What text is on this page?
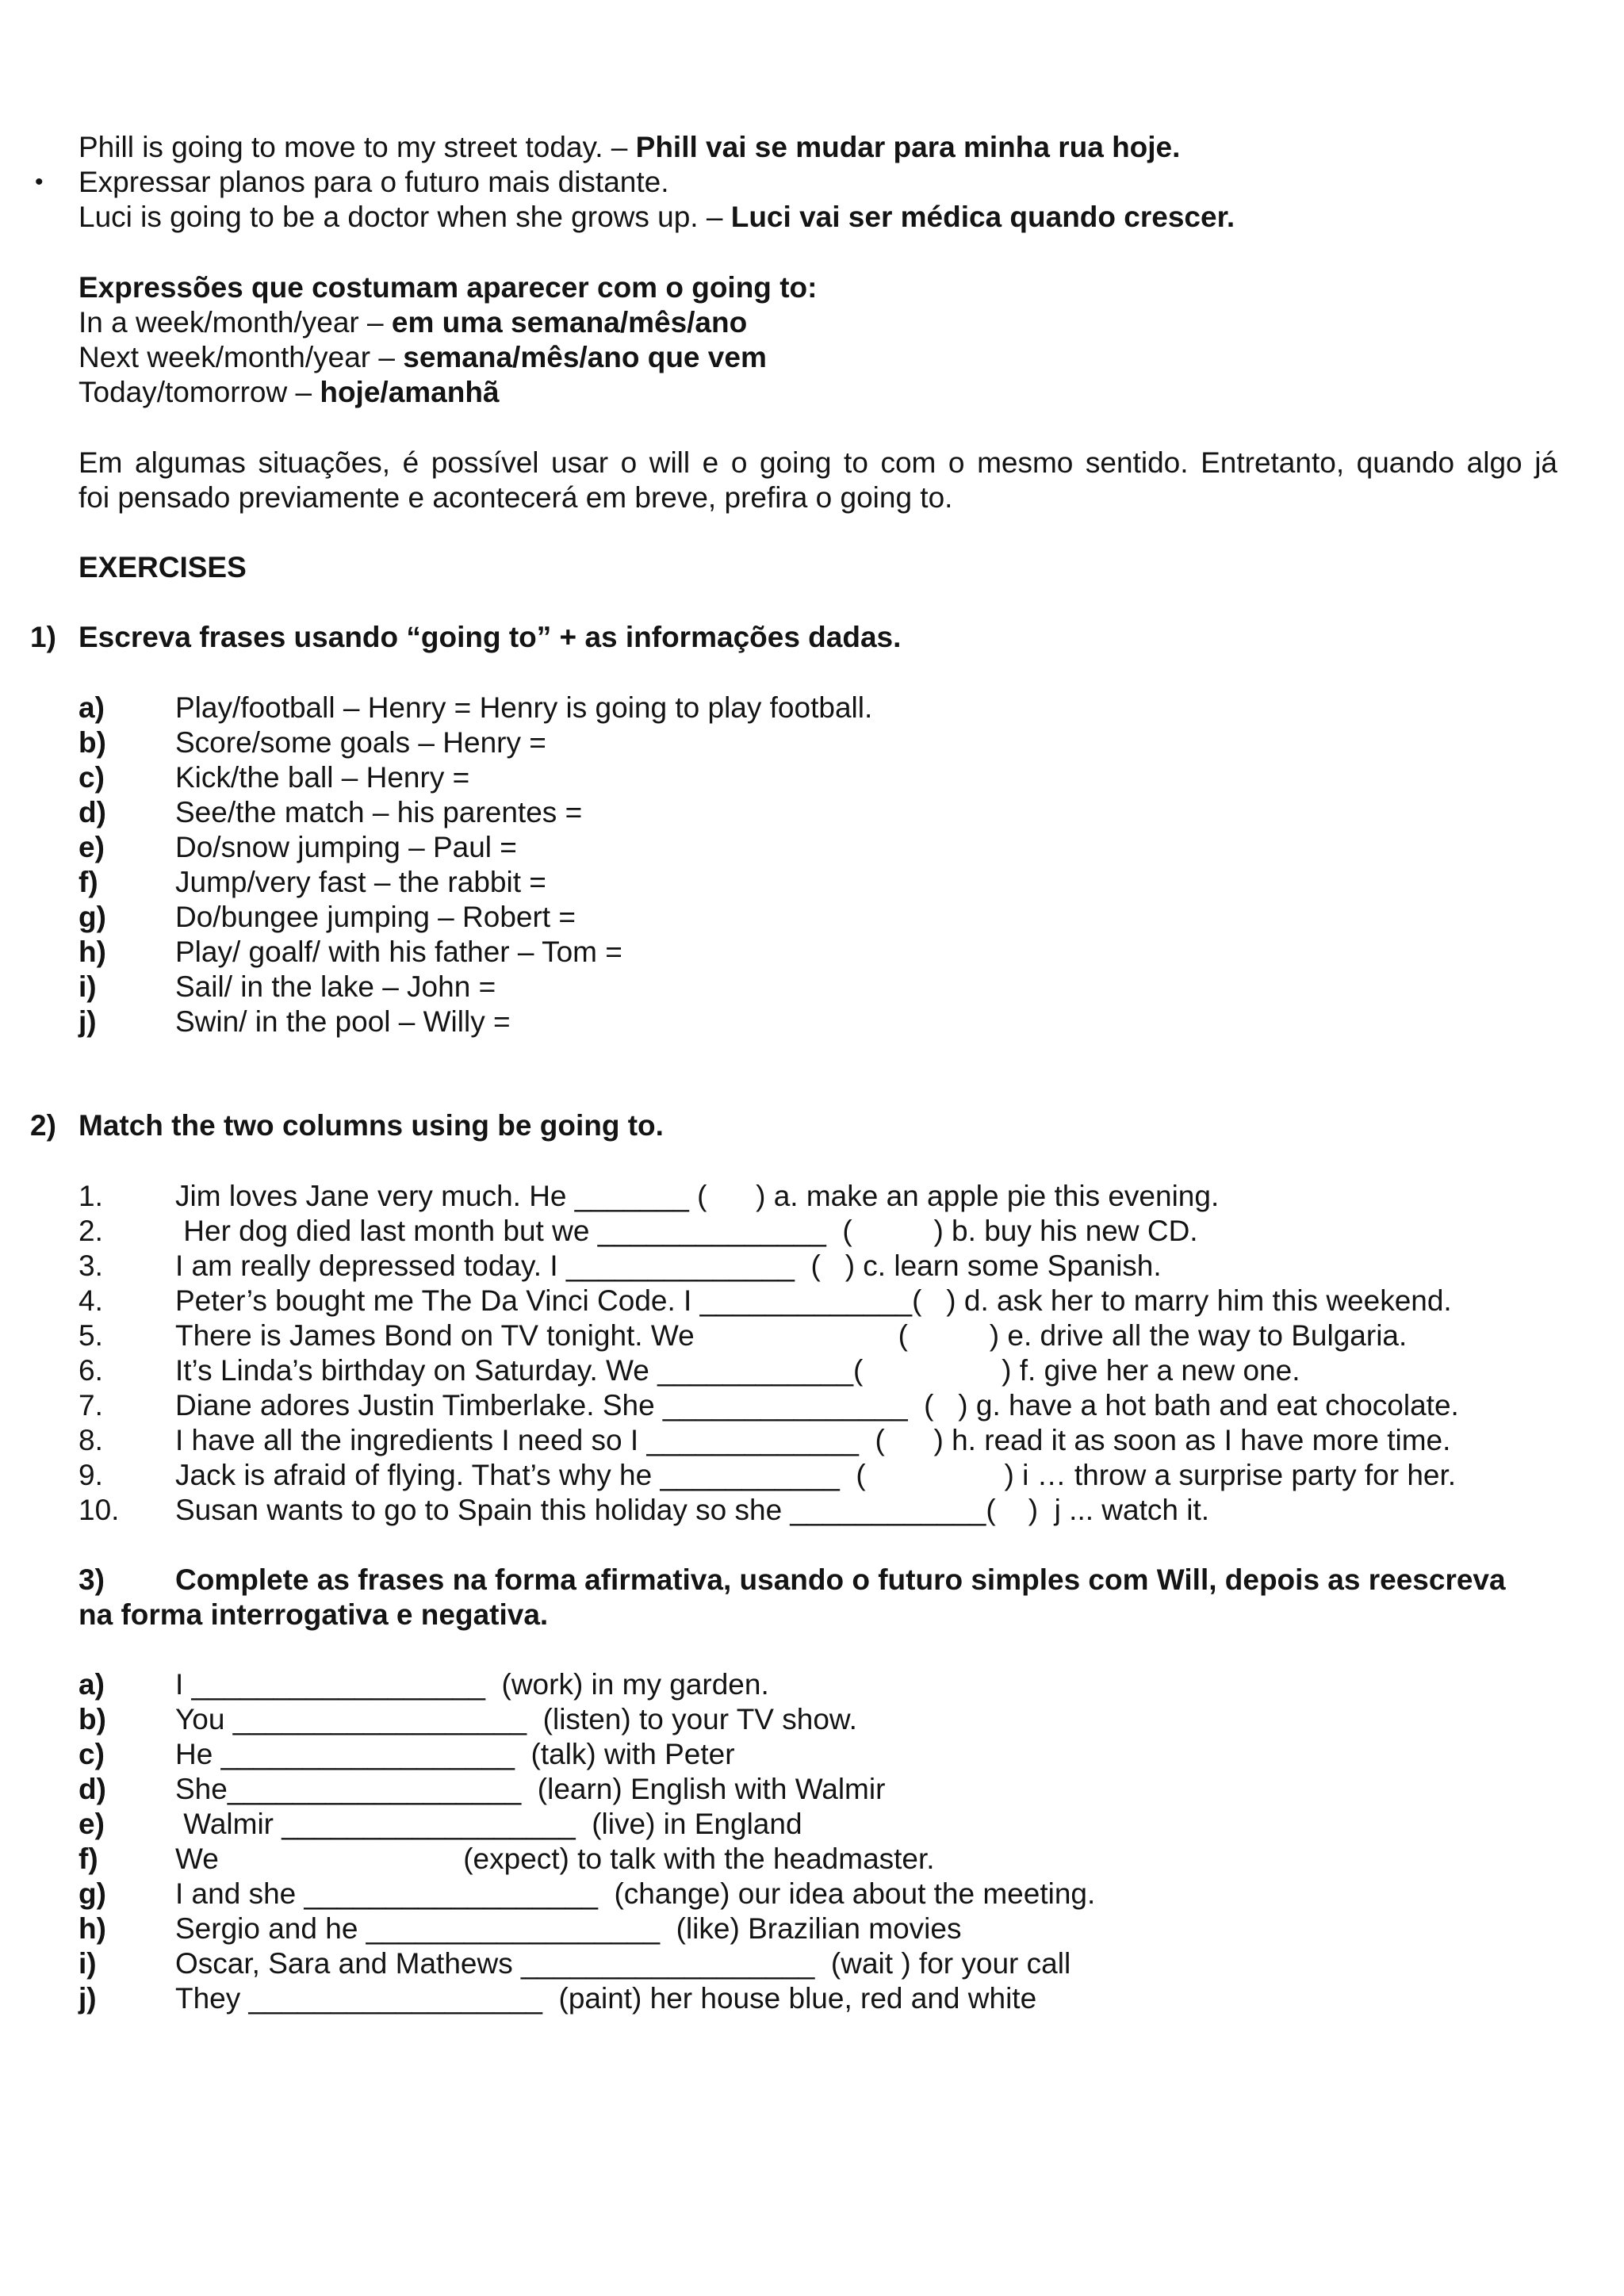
Phill is going to move to my street today. – Phill vai se mudar para minha rua hoje.
• Expressar planos para o futuro mais distante.
Luci is going to be a doctor when she grows up. – Luci vai ser médica quando crescer.
Expressões que costumam aparecer com o going to:
In a week/month/year – em uma semana/mês/ano
Next week/month/year – semana/mês/ano que vem
Today/tomorrow – hoje/amanhã
Em algumas situações, é possível usar o will e o going to com o mesmo sentido. Entretanto, quando algo já
foi pensado previamente e acontecerá em breve, prefira o going to.
EXERCISES
1) Escreva frases usando “going to” + as informações dadas.
a) Play/football – Henry = Henry is going to play football.
b) Score/some goals – Henry =
c) Kick/the ball – Henry =
d) See/the match – his parentes =
e) Do/snow jumping – Paul =
f)	Jump/very fast – the rabbit =
g) Do/bungee jumping – Robert =
h) Play/ goalf/ with his father – Tom =
i)	Sail/ in the lake – John =
j)	Swin/ in the pool – Willy =
2) Match the two columns using be going to.
1. Jim loves Jane very much. He _______ (      ) a. make an apple pie this evening.
2. Her dog died last month but we ______________  (          ) b. buy his new CD.
3. I am really depressed today. I ______________  (   ) c. learn some Spanish.
4. Peter’s bought me The Da Vinci Code. I _____________(   ) d. ask her to marry him this weekend.
5. There is James Bond on TV tonight. We                         (          ) e. drive all the way to Bulgaria.
6. It’s Linda’s birthday on Saturday. We ____________(                 ) f. give her a new one.
7. Diane adores Justin Timberlake. She _______________  (   ) g. have a hot bath and eat chocolate.
8. I have all the ingredients I need so I _____________  (      ) h. read it as soon as I have more time.
9. Jack is afraid of flying. That’s why he ___________  (                 ) i … throw a surprise party for her.
10. Susan wants to go to Spain this holiday so she ____________(    )  j ... watch it.
3) Complete as frases na forma afirmativa, usando o futuro simples com Will, depois as reescreva
na forma interrogativa e negativa.
a) I __________________  (work) in my garden.
b) You __________________  (listen) to your TV show.
c) He __________________  (talk) with Peter
d) She__________________  (learn) English with Walmir
e) Walmir __________________  (live) in England
f)	We                              (expect) to talk with the headmaster.
g) I and she __________________  (change) our idea about the meeting.
h) Sergio and he __________________  (like) Brazilian movies
i)	Oscar, Sara and Mathews __________________  (wait ) for your call
j)	They __________________  (paint) her house blue, red and white
